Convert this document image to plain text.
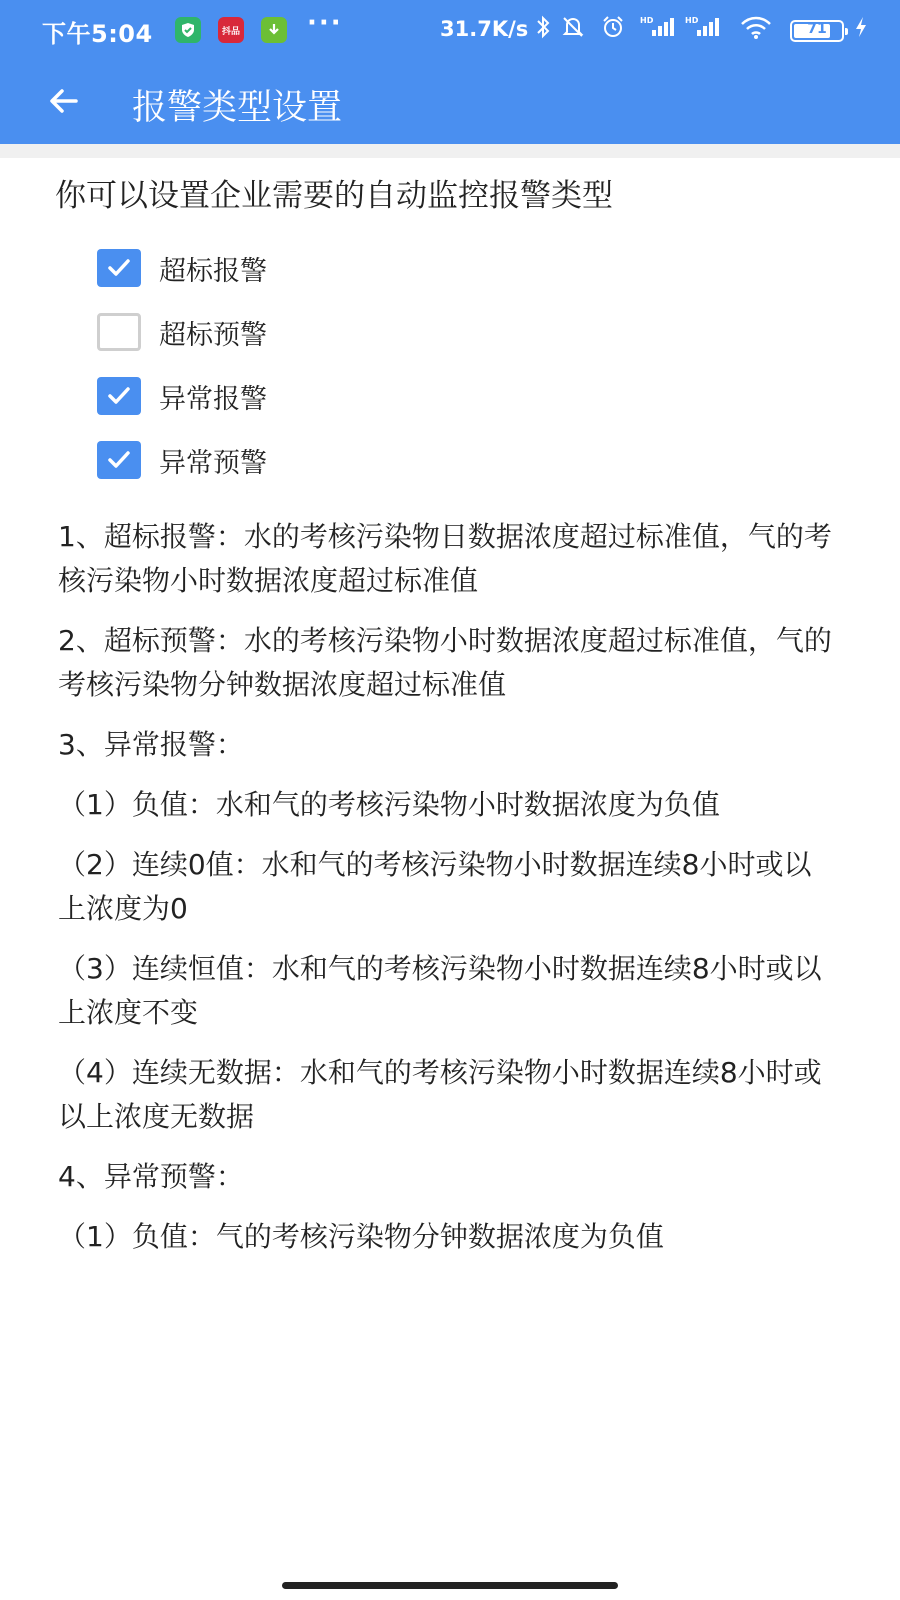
下午5:04	抖品	···	31.7K/s	HD	HD
71
报警类型设置
你可以设置企业需要的自动监控报警类型
超标报警
超标预警
异常报警
异常预警

1、超标报警：水的考核污染物日数据浓度超过标准值，气的考核污染物小时数据浓度超过标准值

2、超标预警：水的考核污染物小时数据浓度超过标准值，气的考核污染物分钟数据浓度超过标准值

3、异常报警：

（1）负值：水和气的考核污染物小时数据浓度为负值

（2）连续0值：水和气的考核污染物小时数据连续8小时或以上浓度为0

（3）连续恒值：水和气的考核污染物小时数据连续8小时或以上浓度不变

（4）连续无数据：水和气的考核污染物小时数据连续8小时或以上浓度无数据

4、异常预警：

（1）负值：气的考核污染物分钟数据浓度为负值
